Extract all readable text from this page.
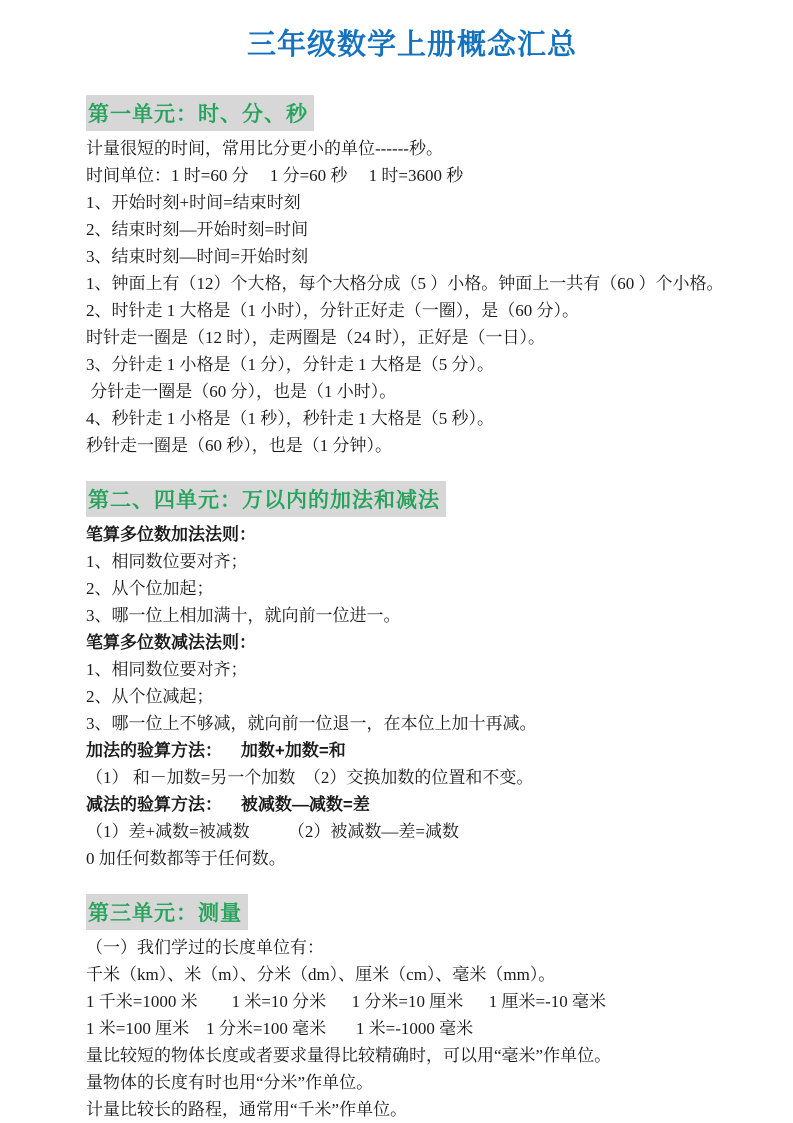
三年级数学上册概念汇总
第一单元：时、分、秒

计量很短的时间，常用比分更小的单位------秒。

时间单位：1 时=60 分     1 分=60 秒     1 时=3600 秒

1、开始时刻+时间=结束时刻

2、结束时刻—开始时刻=时间

3、结束时刻—时间=开始时刻

1、钟面上有（12）个大格，每个大格分成（5 ）小格。钟面上一共有（60 ）个小格。

2、时针走 1 大格是（1 小时），分针正好走（一圈），是（60 分）。

时针走一圈是（12 时），走两圈是（24 时），正好是（一日）。

3、分针走 1 小格是（1 分），分针走 1 大格是（5 分）。

分针走一圈是（60 分），也是（1 小时）。

4、秒针走 1 小格是（1 秒），秒针走 1 大格是（5 秒）。

秒针走一圈是（60 秒），也是（1 分钟）。

第二、四单元：万以内的加法和减法

笔算多位数加法法则：

1、相同数位要对齐；

2、从个位加起；

3、哪一位上相加满十，就向前一位进一。

笔算多位数减法法则：

1、相同数位要对齐；

2、从个位减起；

3、哪一位上不够减，就向前一位退一，在本位上加十再减。

加法的验算方法：    加数+加数=和

（1） 和－加数=另一个加数  （2）交换加数的位置和不变。

减法的验算方法：    被减数—减数=差

（1）差+减数=被减数         （2）被减数—差=减数

0 加任何数都等于任何数。

第三单元：测量

（一）我们学过的长度单位有：

千米（km）、米（m）、分米（dm）、厘米（cm）、毫米（mm）。

1 千米=1000 米        1 米=10 分米      1 分米=10 厘米      1 厘米=-10 毫米

1 米=100 厘米    1 分米=100 毫米       1 米=-1000 毫米

量比较短的物体长度或者要求量得比较精确时，可以用“毫米”作单位。

量物体的长度有时也用“分米”作单位。

计量比较长的路程，通常用“千米”作单位。
